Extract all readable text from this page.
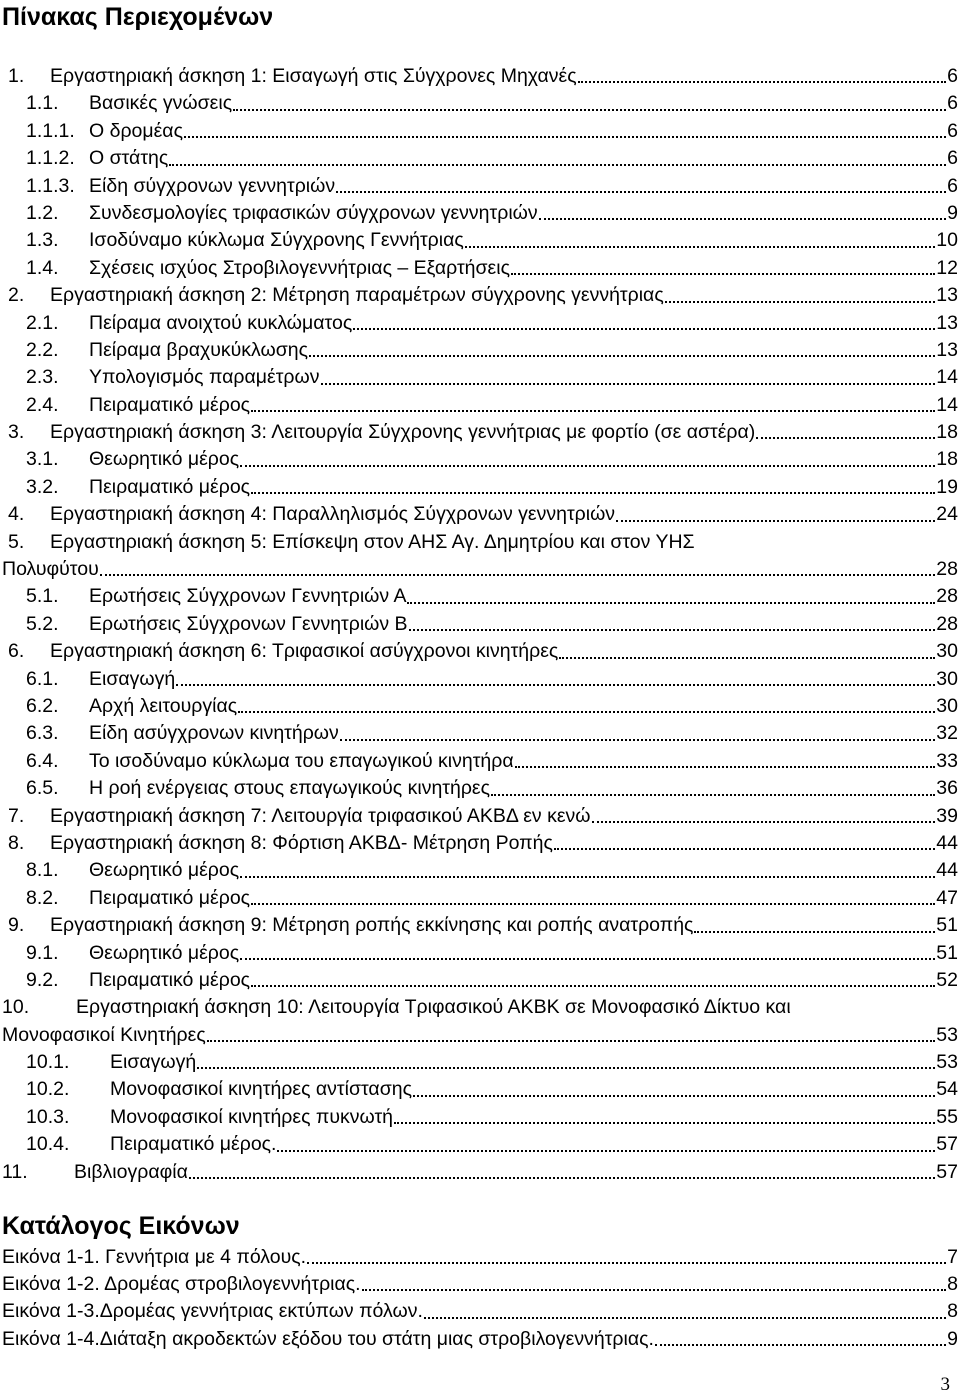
Πίνακας Περιεχομένων
1.	Εργαστηριακή άσκηση 1: Εισαγωγή στις Σύγχρονες Μηχανές	6
1.1.	Βασικές γνώσεις	6
1.1.1. Ο δρομέας	6
1.1.2. Ο στάτης	6
1.1.3. Είδη σύγχρονων γεννητριών	6
1.2.	Συνδεσμολογίες τριφασικών σύγχρονων γεννητριών	9
1.3.	Ισοδύναμο κύκλωμα Σύγχρονης Γεννήτριας	10
1.4.	Σχέσεις ισχύος Στροβιλογεννήτριας – Εξαρτήσεις	12
2.	Εργαστηριακή άσκηση 2: Μέτρηση παραμέτρων σύγχρονης γεννήτριας	13
2.1.	Πείραμα ανοιχτού κυκλώματος	13
2.2.	Πείραμα βραχυκύκλωσης	13
2.3.	Υπολογισμός παραμέτρων	14
2.4.	Πειραματικό μέρος	14
3.	Εργαστηριακή άσκηση 3: Λειτουργία Σύγχρονης γεννήτριας με φορτίο (σε αστέρα)	18
3.1.	Θεωρητικό μέρος	18
3.2.	Πειραματικό μέρος	19
4.	Εργαστηριακή άσκηση 4: Παραλληλισμός Σύγχρονων γεννητριών	24
5. Εργαστηριακή άσκηση 5: Επίσκεψη στον ΑΗΣ Αγ. Δημητρίου και στον ΥΗΣ
Πολυφύτου	28
5.1.	Ερωτήσεις Σύγχρονων Γεννητριών Α	28
5.2.	Ερωτήσεις Σύγχρονων Γεννητριών Β	28
6.	Εργαστηριακή άσκηση 6: Τριφασικοί ασύγχρονοι κινητήρες	30
6.1.	Εισαγωγή	30
6.2.	Αρχή λειτουργίας	30
6.3.	Είδη ασύγχρονων κινητήρων	32
6.4.	Το ισοδύναμο κύκλωμα του επαγωγικού κινητήρα	33
6.5.	Η ροή ενέργειας στους επαγωγικούς κινητήρες	36
7.	Εργαστηριακή άσκηση 7: Λειτουργία τριφασικού ΑΚΒΔ εν κενώ	39
8.	Εργαστηριακή άσκηση 8: Φόρτιση ΑΚΒΔ- Μέτρηση Ροπής	44
8.1.	Θεωρητικό μέρος	44
8.2.	Πειραματικό μέρος	47
9.	Εργαστηριακή άσκηση 9: Μέτρηση ροπής εκκίνησης και ροπής ανατροπής	51
9.1.	Θεωρητικό μέρος	51
9.2.	Πειραματικό μέρος	52
10. Εργαστηριακή άσκηση 10: Λειτουργία Τριφασικού ΑΚΒΚ σε Μονοφασικό Δίκτυο και
Μονοφασικοί Κινητήρες	53
10.1.	Εισαγωγή	53
10.2.	Μονοφασικοί κινητήρες αντίστασης	54
10.3.	Μονοφασικοί κινητήρες πυκνωτή	55
10.4.	Πειραματικό μέρος.	57
11.	Βιβλιογραφία	57
Κατάλογος Εικόνων
Εικόνα 1-1. Γεννήτρια με 4 πόλους.	7
Εικόνα 1-2. Δρομέας στροβιλογεννήτριας.	8
Εικόνα 1-3.Δρομέας γεννήτριας εκτύπων πόλων.	8
Εικόνα 1-4.Διάταξη ακροδεκτών εξόδου του στάτη μιας στροβιλογεννήτριας.	9
3
